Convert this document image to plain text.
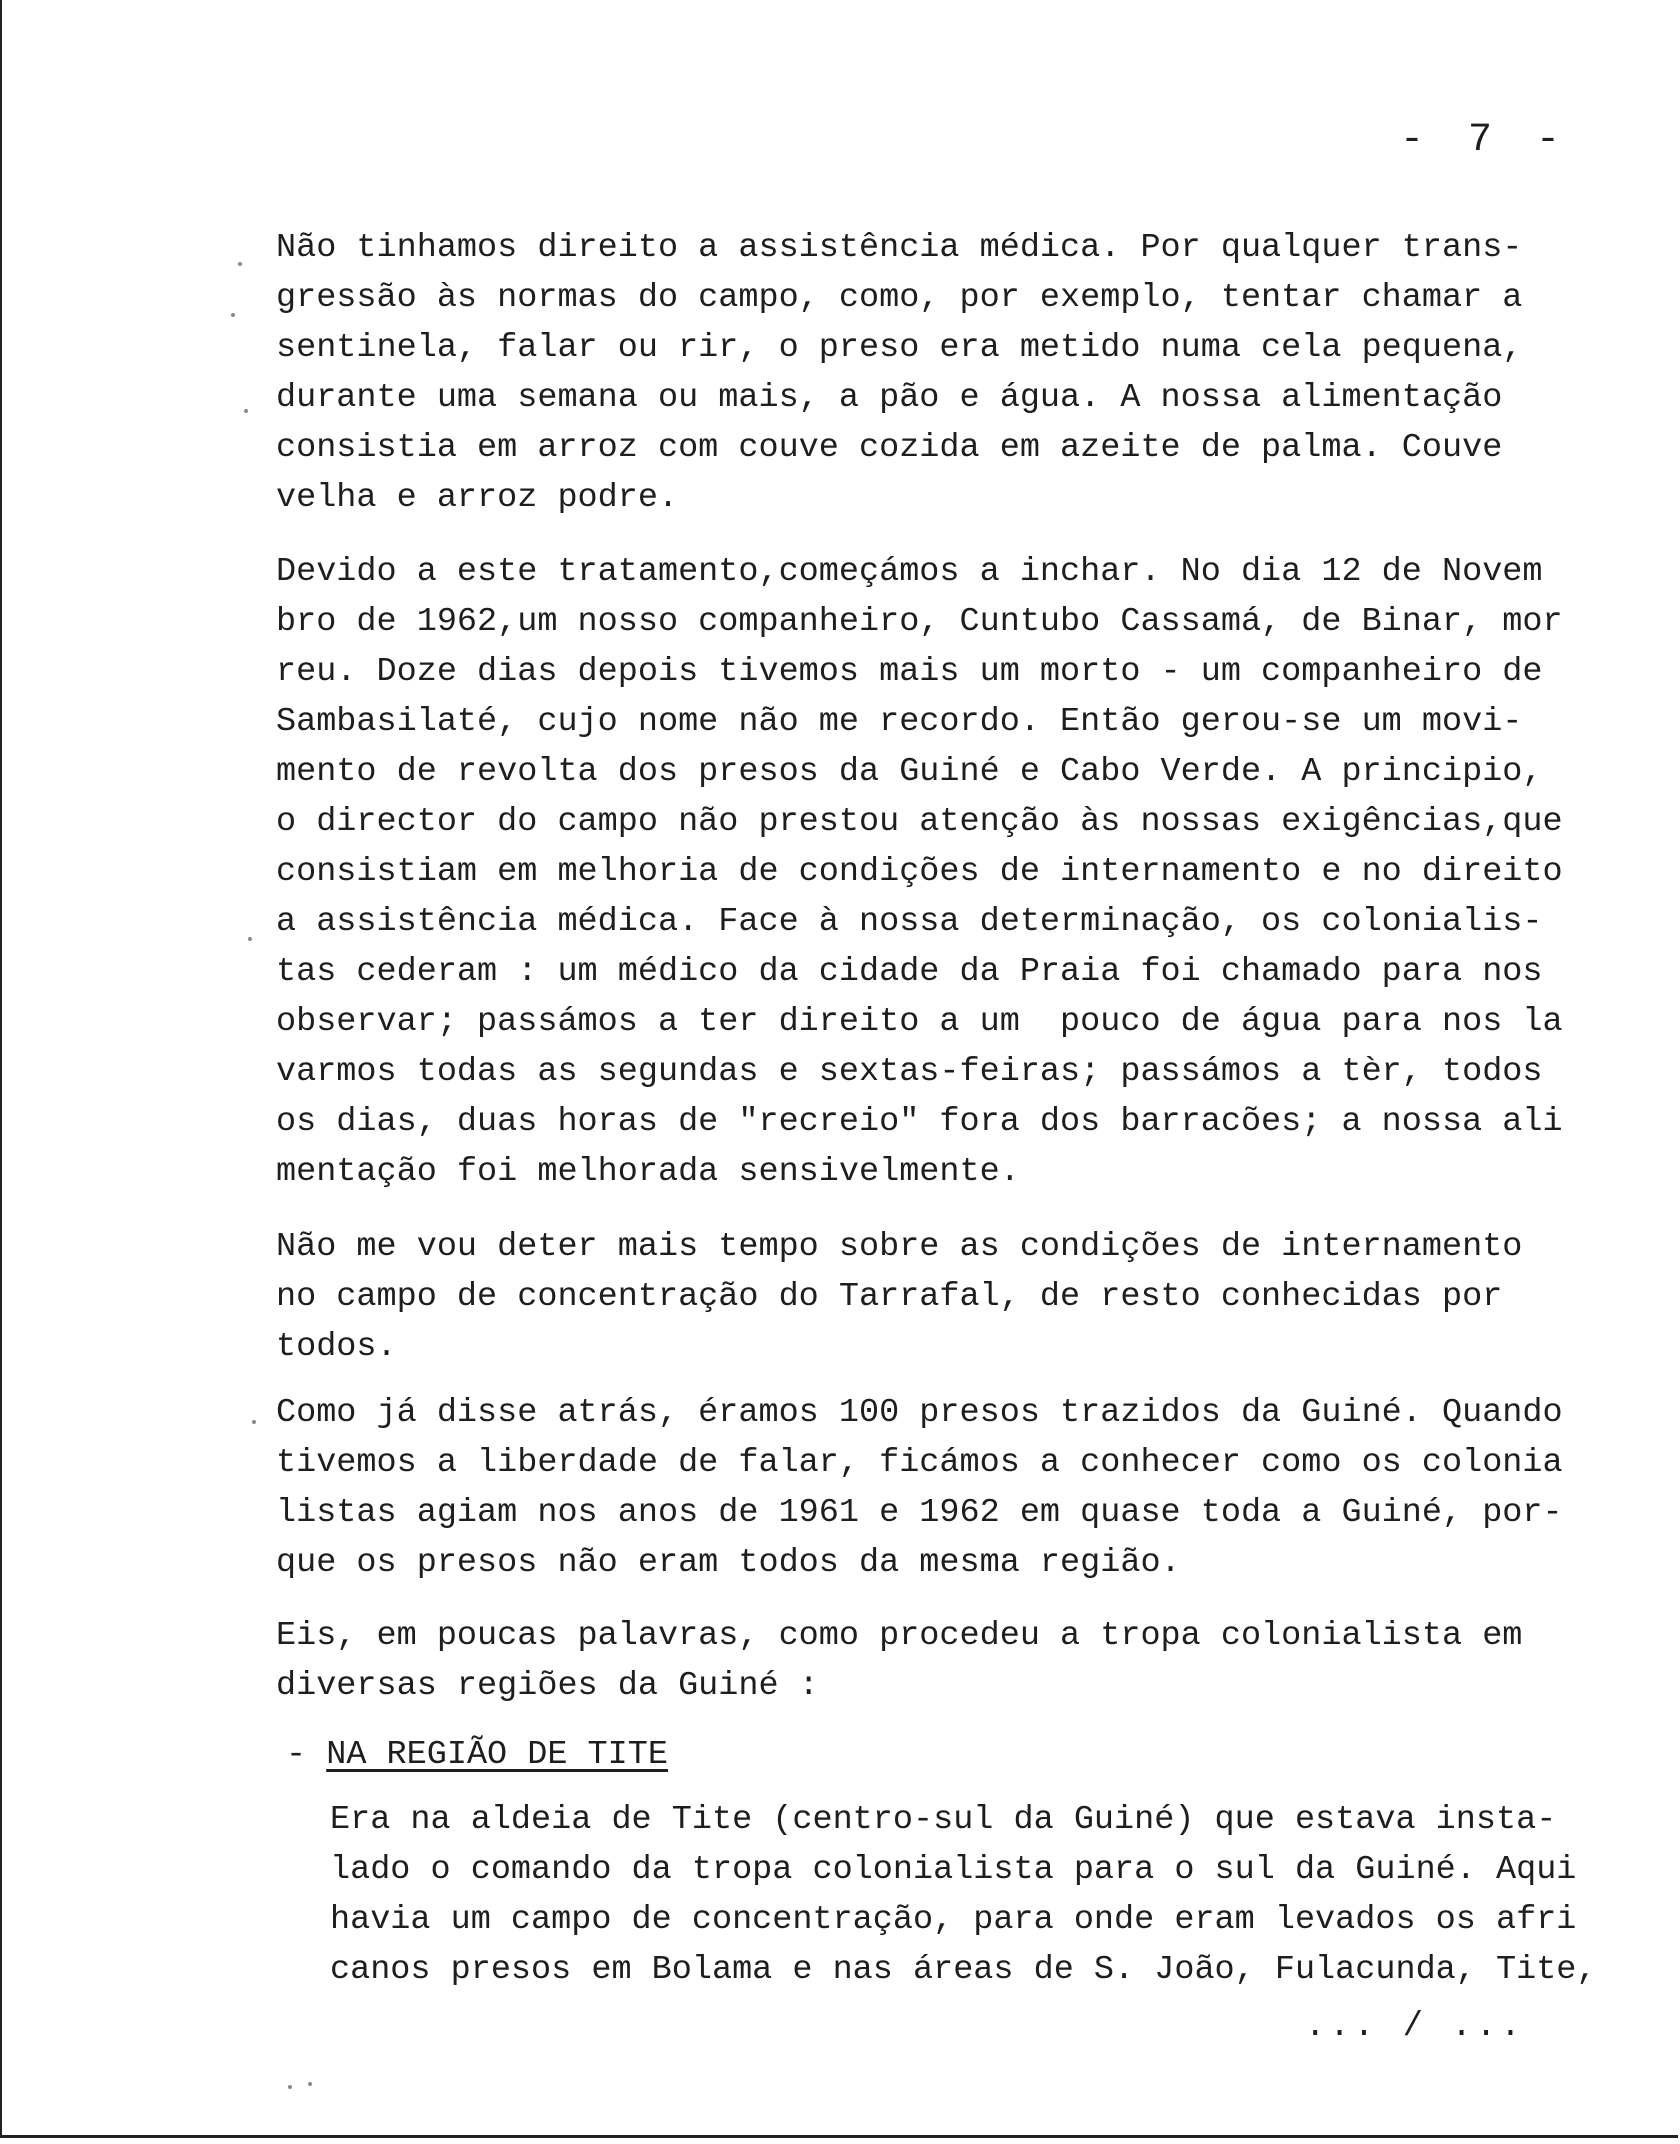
- 7 -
Não tinhamos direito a assistência médica. Por qualquer trans-
gressão às normas do campo, como, por exemplo, tentar chamar a
sentinela, falar ou rir, o preso era metido numa cela pequena,
durante uma semana ou mais, a pão e água. A nossa alimentação
consistia em arroz com couve cozida em azeite de palma. Couve
velha e arroz podre.
Devido a este tratamento,começámos a inchar. No dia 12 de Novem
bro de 1962,um nosso companheiro, Cuntubo Cassamá, de Binar, mor
reu. Doze dias depois tivemos mais um morto - um companheiro de
Sambasilaté, cujo nome não me recordo. Então gerou-se um movi-
mento de revolta dos presos da Guiné e Cabo Verde. A principio,
o director do campo não prestou atenção às nossas exigências,que
consistiam em melhoria de condições de internamento e no direito
a assistência médica. Face à nossa determinação, os colonialis-
tas cederam : um médico da cidade da Praia foi chamado para nos
observar; passámos a ter direito a um  pouco de água para nos la
varmos todas as segundas e sextas-feiras; passámos a tèr, todos
os dias, duas horas de "recreio" fora dos barracões; a nossa ali
mentação foi melhorada sensivelmente.
Não me vou deter mais tempo sobre as condições de internamento
no campo de concentração do Tarrafal, de resto conhecidas por
todos.
Como já disse atrás, éramos 100 presos trazidos da Guiné. Quando
tivemos a liberdade de falar, ficámos a conhecer como os colonia
listas agiam nos anos de 1961 e 1962 em quase toda a Guiné, por-
que os presos não eram todos da mesma região.
Eis, em poucas palavras, como procedeu a tropa colonialista em
diversas regiões da Guiné :
- NA REGIÃO DE TITE
Era na aldeia de Tite (centro-sul da Guiné) que estava insta-
lado o comando da tropa colonialista para o sul da Guiné. Aqui
havia um campo de concentração, para onde eram levados os afri
canos presos em Bolama e nas áreas de S. João, Fulacunda, Tite,
... / ...
